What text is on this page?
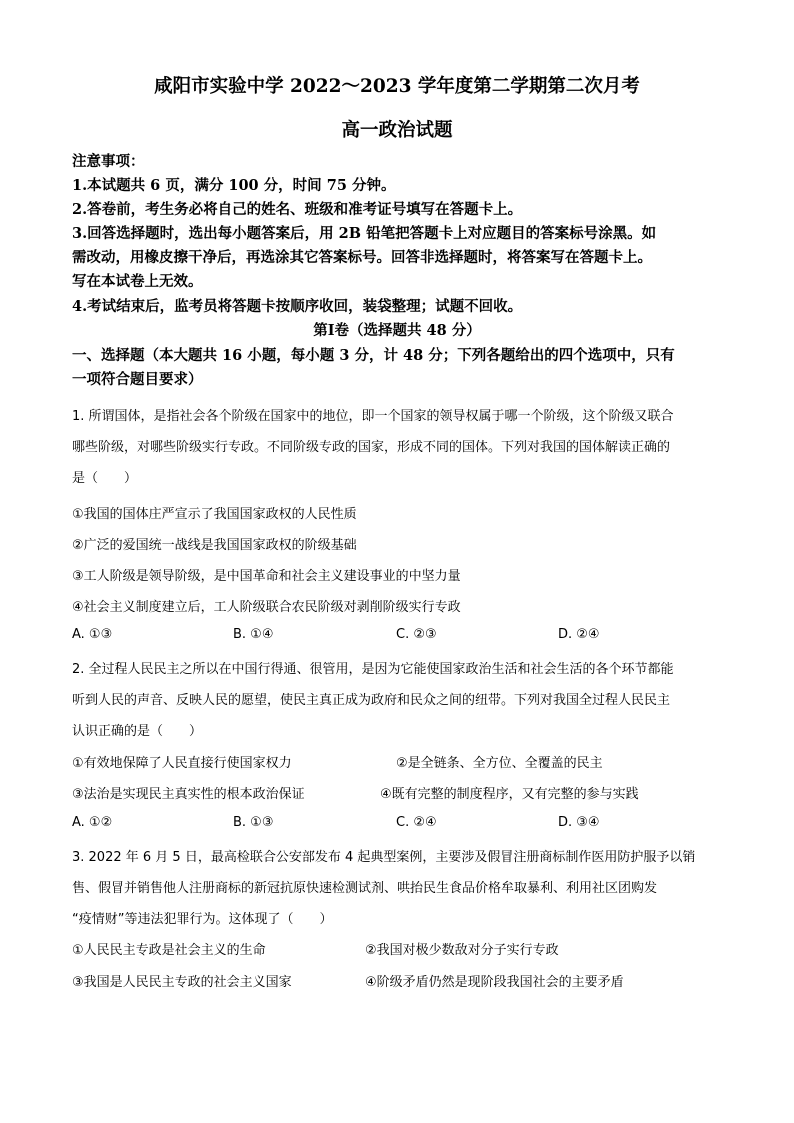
咸阳市实验中学 2022～2023 学年度第二学期第二次月考
高一政治试题
注意事项：
1.本试题共 6 页，满分 100 分，时间 75 分钟。
2.答卷前，考生务必将自己的姓名、班级和准考证号填写在答题卡上。
3.回答选择题时，选出每小题答案后，用 2B 铅笔把答题卡上对应题目的答案标号涂黑。如
需改动，用橡皮擦干净后，再选涂其它答案标号。回答非选择题时，将答案写在答题卡上。
写在本试卷上无效。
4.考试结束后，监考员将答题卡按顺序收回，装袋整理；试题不回收。
第Ⅰ卷（选择题共 48 分）
一、选择题（本大题共 16 小题，每小题 3 分，计 48 分；下列各题给出的四个选项中，只有
一项符合题目要求）
1. 所谓国体，是指社会各个阶级在国家中的地位，即一个国家的领导权属于哪一个阶级，这个阶级又联合
哪些阶级，对哪些阶级实行专政。不同阶级专政的国家，形成不同的国体。下列对我国的国体解读正确的
是（　　）
①我国的国体庄严宣示了我国国家政权的人民性质
②广泛的爱国统一战线是我国国家政权的阶级基础
③工人阶级是领导阶级，是中国革命和社会主义建设事业的中坚力量
④社会主义制度建立后，工人阶级联合农民阶级对剥削阶级实行专政
A. ①③	B. ①④	C. ②③	D. ②④
2. 全过程人民民主之所以在中国行得通、很管用，是因为它能使国家政治生活和社会生活的各个环节都能
听到人民的声音、反映人民的愿望，使民主真正成为政府和民众之间的纽带。下列对我国全过程人民民主
认识正确的是（　　）
①有效地保障了人民直接行使国家权力	②是全链条、全方位、全覆盖的民主
③法治是实现民主真实性的根本政治保证	④既有完整的制度程序，又有完整的参与实践
A. ①②	B. ①③	C. ②④	D. ③④
3. 2022 年 6 月 5 日，最高检联合公安部发布 4 起典型案例，主要涉及假冒注册商标制作医用防护服予以销
售、假冒并销售他人注册商标的新冠抗原快速检测试剂、哄抬民生食品价格牟取暴利、利用社区团购发
“疫情财”等违法犯罪行为。这体现了（　　）
①人民民主专政是社会主义的生命	②我国对极少数敌对分子实行专政
③我国是人民民主专政的社会主义国家	④阶级矛盾仍然是现阶段我国社会的主要矛盾
